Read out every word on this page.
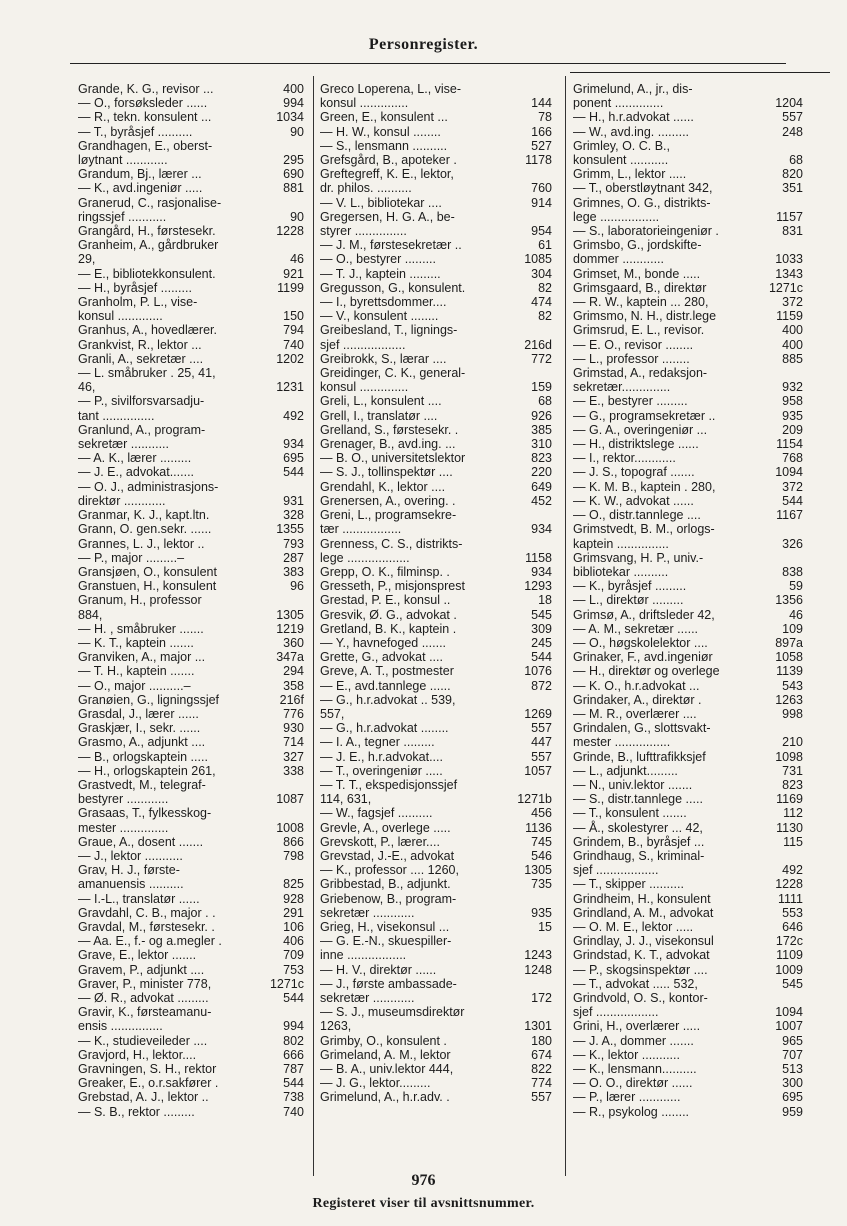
Personregister.
Grande, K. G., revisor ...	400
— O., forsøksleder ......	994
— R., tekn. konsulent ...	1034
— T., byråsjef ..........	90
Grandhagen, E., oberst-
løytnant ............	295
Grandum, Bj., lærer ...	690
— K., avd.ingeniør .....	881
Granerud, C., rasjonalise-
ringssjef ...........	90
Grangård, H., førstesekr.	1228
Granheim, A., gårdbruker
29,	46
— E., bibliotekkonsulent.	921
— H., byråsjef .........	1199
Granholm, P. L., vise-
konsul .............	150
Granhus, A., hovedlærer.	794
Grankvist, R., lektor ...	740
Granli, A., sekretær ....	1202
— L. småbruker . 25, 41,
46,	1231
— P., sivilforsvarsadju-
tant ...............	492
Granlund, A., program-
sekretær ...........	934
— A. K., lærer .........	695
— J. E., advokat.......	544
— O. J., administrasjons-
direktør ............	931
Granmar, K. J., kapt.ltn.	328
Grann, O. gen.sekr. ......	1355
Grannes, L. J., lektor ..	793
— P., major .........–	287
Gransjøen, O., konsulent	383
Granstuen, H., konsulent	96
Granum, H., professor
884,	1305
— H. , småbruker .......	1219
— K. T., kaptein .......	360
Granviken, A., major ...	347a
— T. H., kaptein .......	294
— O., major ..........–	358
Granøien, G., ligningssjef	216f
Grasdal, J., lærer ......	776
Graskjær, I., sekr. ......	930
Grasmo, A., adjunkt ....	714
— B., orlogskaptein .....	327
— H., orlogskaptein 261,	338
Grastvedt, M., telegraf-
bestyrer ............	1087
Grasaas, T., fylkesskog-
mester ..............	1008
Graue, A., dosent .......	866
— J., lektor ...........	798
Grav, H. J., første-
amanuensis ..........	825
— I.-L., translatør ......	928
Gravdahl, C. B., major . .	291
Gravdal, M., førstesekr. .	106
— Aa. E., f.- og a.megler .	406
Grave, E., lektor .......	709
Gravem, P., adjunkt ....	753
Graver, P., minister 778,	1271c
— Ø. R., advokat .........	544
Gravir, K., førsteamanu-
ensis ...............	994
— K., studieveileder ....	802
Gravjord, H., lektor....	666
Gravningen, S. H., rektor	787
Greaker, E., o.r.sakfører .	544
Grebstad, A. J., lektor ..	738
— S. B., rektor .........	740
Greco Loperena, L., vise-
konsul ..............	144
Green, E., konsulent ...	78
— H. W., konsul ........	166
— S., lensmann ..........	527
Grefsgård, B., apoteker .	1178
Greftegreff, K. E., lektor,
dr. philos. ..........	760
— V. L., bibliotekar ....	914
Gregersen, H. G. A., be-
styrer ...............	954
— J. M., førstesekretær ..	61
— O., bestyrer .........	1085
— T. J., kaptein .........	304
Gregusson, G., konsulent.	82
— I., byrettsdommer....	474
— V., konsulent ........	82
Greibesland, T., lignings-
sjef ..................	216d
Greibrokk, S., lærar ....	772
Greidinger, C. K., general-
konsul ..............	159
Greli, L., konsulent ....	68
Grell, I., translatør ....	926
Grelland, S., førstesekr. .	385
Grenager, B., avd.ing. ...	310
— B. O., universitetslektor	823
— S. J., tollinspektør ....	220
Grendahl, K., lektor ....	649
Grenersen, A., overing. .	452
Greni, L., programsekre-
tær .................	934
Grenness, C. S., distrikts-
lege ..................	1158
Grepp, O. K., filminsp. .	934
Gresseth, P., misjonsprest	1293
Grestad, P. E., konsul ..	18
Gresvik, Ø. G., advokat .	545
Gretland, B. K., kaptein .	309
— Y., havnefoged .......	245
Grette, G., advokat ....	544
Greve, A. T., postmester	1076
— E., avd.tannlege ......	872
— G., h.r.advokat .. 539,
557,	1269
— G., h.r.advokat ........	557
— I. A., tegner .........	447
— J. E., h.r.advokat....	557
— T., overingeniør .....	1057
— T. T., ekspedisjonssjef
114, 631,	1271b
— W., fagsjef ..........	456
Grevle, A., overlege .....	1136
Grevskott, P., lærer....	745
Grevstad, J.-E., advokat	546
— K., professor .... 1260,	1305
Gribbestad, B., adjunkt.	735
Griebenow, B., program-
sekretær ............	935
Grieg, H., visekonsul ...	15
— G. E.-N., skuespiller-
inne .................	1243
— H. V., direktør ......	1248
— J., første ambassade-
sekretær ............	172
— S. J., museumsdirektør
1263,	1301
Grimby, O., konsulent .	180
Grimeland, A. M., lektor	674
— B. A., univ.lektor 444,	822
— J. G., lektor.........	774
Grimelund, A., h.r.adv. .	557
Grimelund, A., jr., dis-
ponent ..............	1204
— H., h.r.advokat ......	557
— W., avd.ing. .........	248
Grimley, O. C. B.,
konsulent ...........	68
Grimm, L., lektor .....	820
— T., oberstløytnant 342,	351
Grimnes, O. G., distrikts-
lege .................	1157
— S., laboratorieingeniør .	831
Grimsbo, G., jordskifte-
dommer ............	1033
Grimset, M., bonde .....	1343
Grimsgaard, B., direktør	1271c
— R. W., kaptein ... 280,	372
Grimsmo, N. H., distr.lege	1159
Grimsrud, E. L., revisor.	400
— E. O., revisor ........	400
— L., professor ........	885
Grimstad, A., redaksjon-
sekretær..............	932
— E., bestyrer .........	958
— G., programsekretær ..	935
— G. A., overingeniør ...	209
— H., distriktslege ......	1154
— I., rektor............	768
— J. S., topograf .......	1094
— K. M. B., kaptein . 280,	372
— K. W., advokat ......	544
— O., distr.tannlege ....	1167
Grimstvedt, B. M., orlogs-
kaptein ...............	326
Grimsvang, H. P., univ.-
bibliotekar ..........	838
— K., byråsjef .........	59
— L., direktør .........	1356
Grimsø, A., driftsleder 42,	46
— A. M., sekretær ......	109
— O., høgskolelektor ....	897a
Grinaker, F., avd.ingeniør	1058
— H., direktør og overlege	1139
— K. O., h.r.advokat ...	543
Grindaker, A., direktør .	1263
— M. R., overlærer ....	998
Grindalen, G., slottsvakt-
mester ................	210
Grinde, B., lufttrafikksjef	1098
— L., adjunkt.........	731
— N., univ.lektor .......	823
— S., distr.tannlege .....	1169
— T., konsulent .......	112
— Å., skolestyrer ... 42,	1130
Grindem, B., byråsjef ...	115
Grindhaug, S., kriminal-
sjef ..................	492
— T., skipper ..........	1228
Grindheim, H., konsulent	1111
Grindland, A. M., advokat	553
— O. M. E., lektor .....	646
Grindlay, J. J., visekonsul	172c
Grindstad, K. T., advokat	1109
— P., skogsinspektør ....	1009
— T., advokat ..... 532,	545
Grindvold, O. S., kontor-
sjef ..................	1094
Grini, H., overlærer .....	1007
— J. A., dommer .......	965
— K., lektor ...........	707
— K., lensmann..........	513
— O. O., direktør ......	300
— P., lærer ............	695
— R., psykolog ........	959
976
Registeret viser til avsnittsnummer.
